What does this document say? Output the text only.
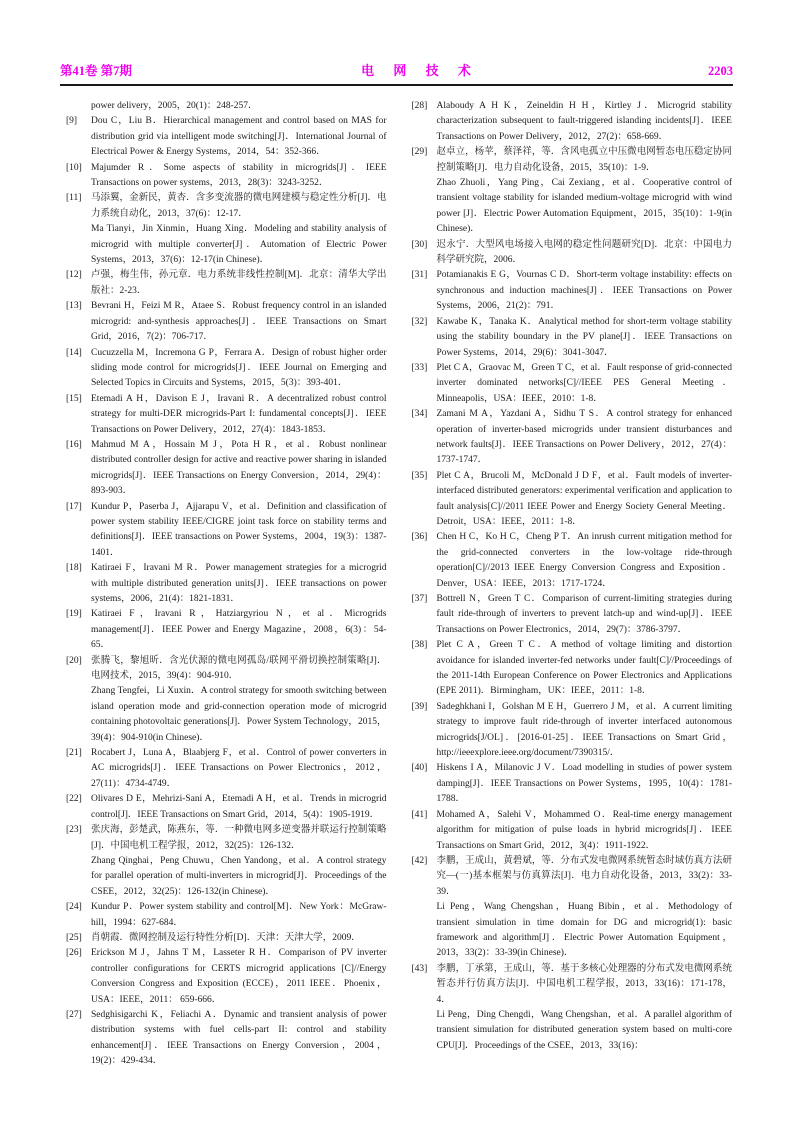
第41卷 第7期	电 网 技 术	2203

power delivery，2005，20(1)：248-257．

[9] Dou C，Liu B．Hierarchical management and control based on MAS for distribution grid via intelligent mode switching[J]．International Journal of Electrical Power & Energy Systems，2014，54：352-366．

[10] Majumder R．Some aspects of stability in microgrids[J]．IEEE Transactions on power systems，2013，28(3)：3243-3252．

[11] 马添翼，金新民，黄杏．含多变流器的微电网建模与稳定性分析[J]．电力系统自动化，2013，37(6)：12-17．

Ma Tianyi，Jin Xinmin，Huang Xing．Modeling and stability analysis of microgrid with multiple converter[J]．Automation of Electric Power Systems，2013，37(6)：12-17(in Chinese)．

[12] 卢强，梅生伟，孙元章．电力系统非线性控制[M]．北京：清华大学出版社：2-23．

[13] Bevrani H，Feizi M R，Ataee S．Robust frequency control in an islanded microgrid: and-synthesis approaches[J]．IEEE Transactions on Smart Grid，2016，7(2)：706-717．

[14] Cucuzzella M，Incremona G P，Ferrara A．Design of robust higher order sliding mode control for microgrids[J]．IEEE Journal on Emerging and Selected Topics in Circuits and Systems，2015，5(3)：393-401．

[15] Etemadi A H，Davison E J，Iravani R．A decentralized robust control strategy for multi-DER microgrids-Part I: fundamental concepts[J]．IEEE Transactions on Power Delivery，2012，27(4)：1843-1853．

[16] Mahmud M A，Hossain M J，Pota H R，et al．Robust nonlinear distributed controller design for active and reactive power sharing in islanded microgrids[J]．IEEE Transactions on Energy Conversion，2014，29(4)：893-903．

[17] Kundur P，Paserba J，Ajjarapu V，et al．Definition and classification of power system stability IEEE/CIGRE joint task force on stability terms and definitions[J]．IEEE transactions on Power Systems，2004，19(3)：1387-1401．

[18] Katiraei F，Iravani M R．Power management strategies for a microgrid with multiple distributed generation units[J]．IEEE transactions on power systems，2006，21(4)：1821-1831．

[19] Katiraei F，Iravani R，Hatziargyriou N，et al．Microgrids management[J]．IEEE Power and Energy Magazine，2008，6(3)：54-65．

[20] 张腾飞，黎旭昕．含光伏源的微电网孤岛/联网平滑切换控制策略[J]．电网技术，2015，39(4)：904-910．

Zhang Tengfei，Li Xuxin．A control strategy for smooth switching between island operation mode and grid-connection operation mode of microgrid containing photovoltaic generations[J]．Power System Technology，2015，39(4)：904-910(in Chinese)．

[21] Rocabert J，Luna A，Blaabjerg F，et al．Control of power converters in AC microgrids[J]．IEEE Transactions on Power Electronics，2012，27(11)：4734-4749．

[22] Olivares D E，Mehrizi-Sani A，Etemadi A H，et al．Trends in microgrid control[J]．IEEE Transactions on Smart Grid，2014，5(4)：1905-1919．

[23] 张庆海，彭楚武，陈燕东，等．一种微电网多逆变器并联运行控制策略[J]．中国电机工程学报，2012，32(25)：126-132．

Zhang Qinghai，Peng Chuwu，Chen Yandong，et al．A control strategy for parallel operation of multi-inverters in microgrid[J]．Proceedings of the CSEE，2012，32(25)：126-132(in Chinese)．

[24] Kundur P．Power system stability and control[M]．New York：McGraw-hill，1994：627-684．

[25] 肖朝霞．微网控制及运行特性分析[D]．天津：天津大学，2009．

[26] Erickson M J，Jahns T M，Lasseter R H．Comparison of PV inverter controller configurations for CERTS microgrid applications [C]//Energy Conversion Congress and Exposition (ECCE)，2011 IEEE．Phoenix，USA：IEEE，2011： 659-666．

[27] Sedghisigarchi K，Feliachi A．Dynamic and transient analysis of power distribution systems with fuel cells-part II: control and stability enhancement[J]．IEEE Transactions on Energy Conversion，2004，19(2)：429-434．

[28] Alaboudy A H K，Zeineldin H H，Kirtley J．Microgrid stability characterization subsequent to fault-triggered islanding incidents[J]．IEEE Transactions on Power Delivery，2012，27(2)：658-669．

[29] 赵卓立，杨苹，蔡泽祥，等．含风电孤立中压微电网暂态电压稳定协同控制策略[J]．电力自动化设备，2015，35(10)：1-9．

Zhao Zhuoli，Yang Ping，Cai Zexiang，et al．Cooperative control of transient voltage stability for islanded medium-voltage microgrid with wind power [J]．Electric Power Automation Equipment，2015，35(10)：1-9(in Chinese)．

[30] 迟永宁．大型风电场接入电网的稳定性问题研究[D]．北京：中国电力科学研究院，2006．

[31] Potamianakis E G，Vournas C D．Short-term voltage instability: effects on synchronous and induction machines[J]．IEEE Transactions on Power Systems，2006，21(2)：791．

[32] Kawabe K，Tanaka K．Analytical method for short-term voltage stability using the stability boundary in the PV plane[J]．IEEE Transactions on Power Systems，2014，29(6)：3041-3047．

[33] Plet C A，Graovac M，Green T C，et al．Fault response of grid-connected inverter dominated networks[C]//IEEE PES General Meeting．Minneapolis，USA：IEEE，2010：1-8．

[34] Zamani M A，Yazdani A，Sidhu T S．A control strategy for enhanced operation of inverter-based microgrids under transient disturbances and network faults[J]．IEEE Transactions on Power Delivery，2012，27(4)：1737-1747．

[35] Plet C A，Brucoli M，McDonald J D F，et al．Fault models of inverter-interfaced distributed generators: experimental verification and application to fault analysis[C]//2011 IEEE Power and Energy Society General Meeting．Detroit，USA：IEEE，2011：1-8．

[36] Chen H C，Ko H C，Cheng P T．An inrush current mitigation method for the grid-connected converters in the low-voltage ride-through operation[C]//2013 IEEE Energy Conversion Congress and Exposition．Denver，USA：IEEE，2013：1717-1724．

[37] Bottrell N，Green T C．Comparison of current-limiting strategies during fault ride-through of inverters to prevent latch-up and wind-up[J]．IEEE Transactions on Power Electronics，2014，29(7)：3786-3797．

[38] Plet C A，Green T C．A method of voltage limiting and distortion avoidance for islanded inverter-fed networks under fault[C]//Proceedings of the 2011-14th European Conference on Power Electronics and Applications (EPE 2011)．Birmingham，UK：IEEE，2011：1-8．

[39] Sadeghkhani I，Golshan M E H，Guerrero J M，et al．A current limiting strategy to improve fault ride-through of inverter interfaced autonomous microgrids[J/OL]．[2016-01-25]．IEEE Transactions on Smart Grid，http://ieeexplore.ieee.org/document/7390315/．

[40] Hiskens I A，Milanovic J V．Load modelling in studies of power system damping[J]．IEEE Transactions on Power Systems，1995，10(4)：1781-1788．

[41] Mohamed A，Salehi V，Mohammed O．Real-time energy management algorithm for mitigation of pulse loads in hybrid microgrids[J]．IEEE Transactions on Smart Grid，2012，3(4)：1911-1922．

[42] 李鹏，王成山，黄碧斌，等．分布式发电微网系统暂态时域仿真方法研究—(一)基本框架与仿真算法[J]．电力自动化设备，2013，33(2)：33-39．

Li Peng，Wang Chengshan，Huang Bibin，et al．Methodology of transient simulation in time domain for DG and microgrid(1): basic framework and algorithm[J]．Electric Power Automation Equipment，2013，33(2)：33-39(in Chinese)．

[43] 李鹏，丁承第，王成山，等．基于多核心处理器的分布式发电微网系统暂态并行仿真方法[J]．中国电机工程学报，2013，33(16)：171-178，4．

Li Peng，Ding Chengdi，Wang Chengshan，et al．A parallel algorithm of transient simulation for distributed generation system based on multi-core CPU[J]．Proceedings of the CSEE，2013，33(16)：
